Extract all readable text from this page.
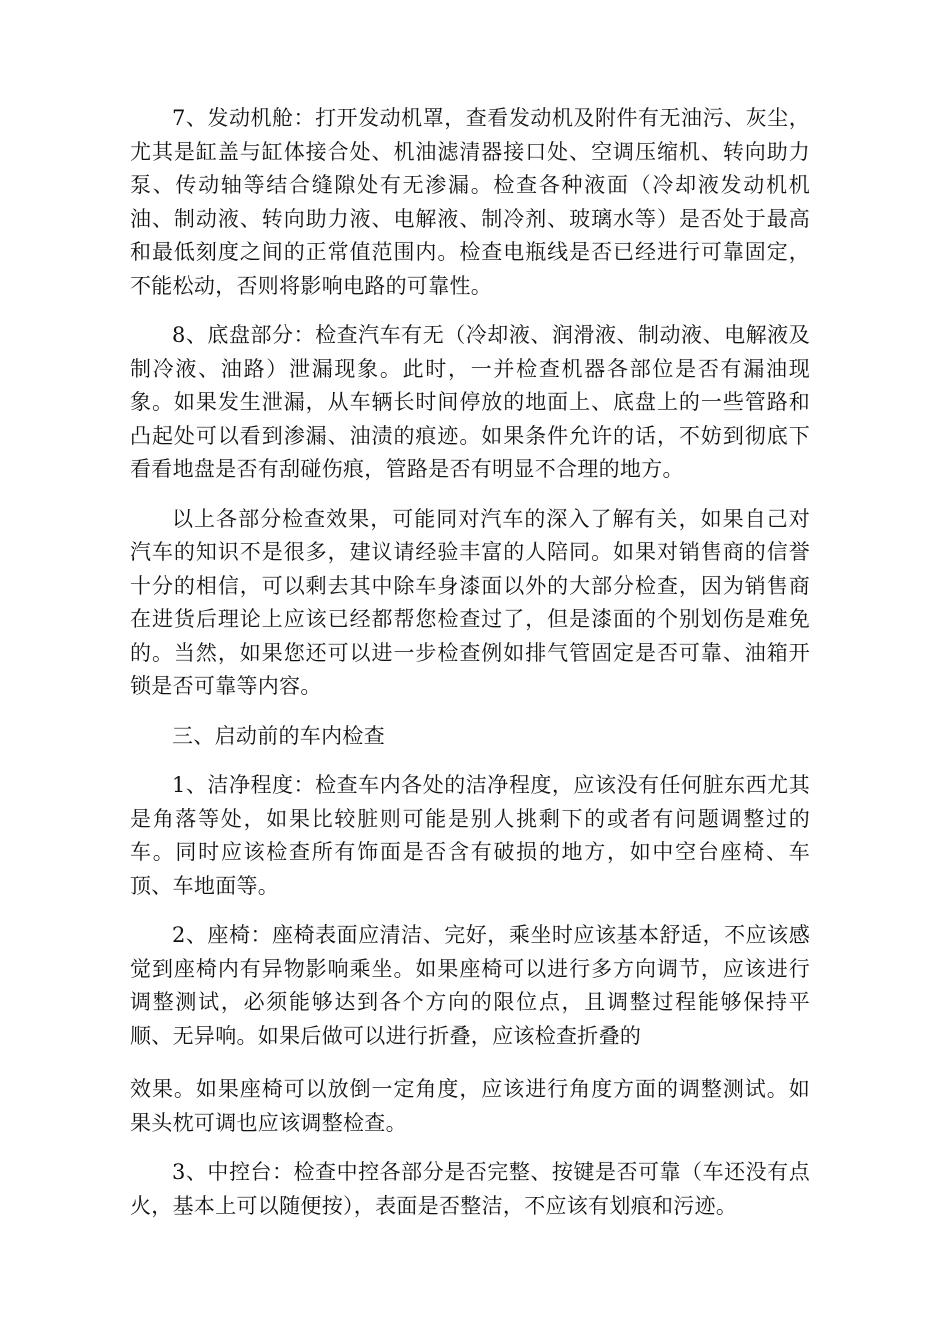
7、发动机舱：打开发动机罩，查看发动机及附件有无油污、灰尘，尤其是缸盖与缸体接合处、机油滤清器接口处、空调压缩机、转向助力泵、传动轴等结合缝隙处有无渗漏。检查各种液面（冷却液发动机机油、制动液、转向助力液、电解液、制冷剂、玻璃水等）是否处于最高和最低刻度之间的正常值范围内。检查电瓶线是否已经进行可靠固定，不能松动，否则将影响电路的可靠性。

8、底盘部分：检查汽车有无（冷却液、润滑液、制动液、电解液及制冷液、油路）泄漏现象。此时，一并检查机器各部位是否有漏油现象。如果发生泄漏，从车辆长时间停放的地面上、底盘上的一些管路和凸起处可以看到渗漏、油渍的痕迹。如果条件允许的话，不妨到彻底下看看地盘是否有刮碰伤痕，管路是否有明显不合理的地方。

以上各部分检查效果，可能同对汽车的深入了解有关，如果自己对汽车的知识不是很多，建议请经验丰富的人陪同。如果对销售商的信誉十分的相信，可以剩去其中除车身漆面以外的大部分检查，因为销售商在进货后理论上应该已经都帮您检查过了，但是漆面的个别划伤是难免的。当然，如果您还可以进一步检查例如排气管固定是否可靠、油箱开锁是否可靠等内容。

三、启动前的车内检查

1、洁净程度：检查车内各处的洁净程度，应该没有任何脏东西尤其是角落等处，如果比较脏则可能是别人挑剩下的或者有问题调整过的车。同时应该检查所有饰面是否含有破损的地方，如中空台座椅、车顶、车地面等。

2、座椅：座椅表面应清洁、完好，乘坐时应该基本舒适，不应该感觉到座椅内有异物影响乘坐。如果座椅可以进行多方向调节，应该进行调整测试，必须能够达到各个方向的限位点，且调整过程能够保持平顺、无异响。如果后做可以进行折叠，应该检查折叠的

效果。如果座椅可以放倒一定角度，应该进行角度方面的调整测试。如果头枕可调也应该调整检查。

3、中控台：检查中控各部分是否完整、按键是否可靠（车还没有点火，基本上可以随便按），表面是否整洁，不应该有划痕和污迹。
